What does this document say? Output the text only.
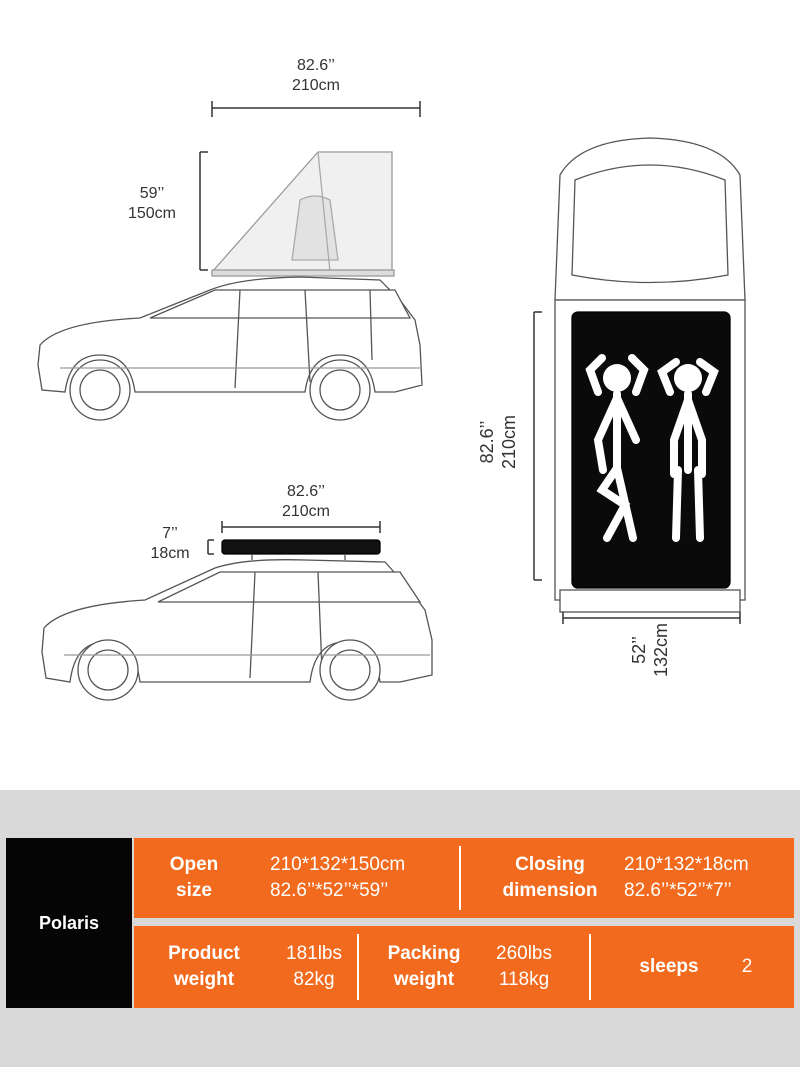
82.6’’
210cm
59’’
150cm
82.6’’
210cm
7’’
18cm
82.6’’ 210cm
52’’ 132cm
Polaris
Open
size
210*132*150cm
82.6’’*52’’*59’’
Closing
dimension
210*132*18cm
82.6’’*52’’*7’’
Product
weight
181lbs
82kg
Packing
weight
260lbs
118kg
sleeps 2
